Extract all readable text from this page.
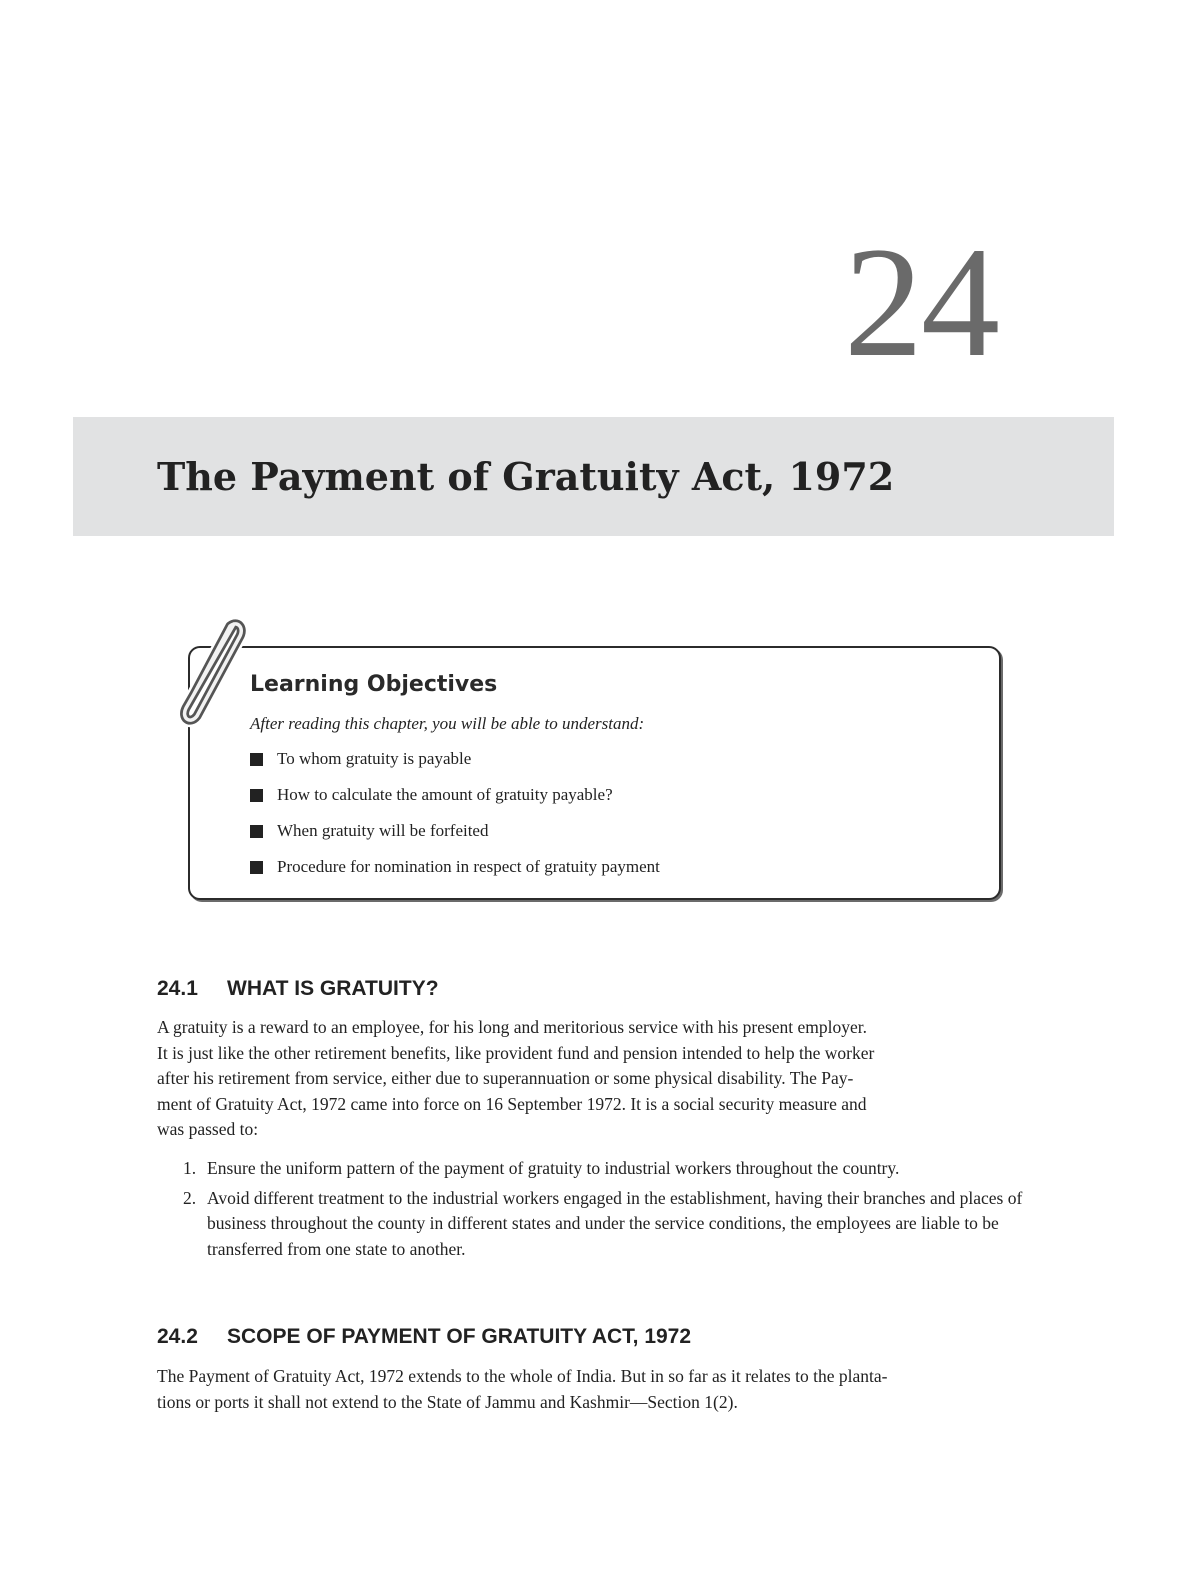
24
The Payment of Gratuity Act, 1972
Learning Objectives

After reading this chapter, you will be able to understand:

To whom gratuity is payable
How to calculate the amount of gratuity payable?
When gratuity will be forfeited
Procedure for nomination in respect of gratuity payment
24.1 WHAT IS GRATUITY?
A gratuity is a reward to an employee, for his long and meritorious service with his present employer.
It is just like the other retirement benefits, like provident fund and pension intended to help the worker
after his retirement from service, either due to superannuation or some physical disability. The Pay-
ment of Gratuity Act, 1972 came into force on 16 September 1972. It is a social security measure and
was passed to:
1. Ensure the uniform pattern of the payment of gratuity to industrial workers throughout the country.
2. Avoid different treatment to the industrial workers engaged in the establishment, having their branches and places of business throughout the county in different states and under the service conditions, the employees are liable to be transferred from one state to another.
24.2 SCOPE OF PAYMENT OF GRATUITY ACT, 1972
The Payment of Gratuity Act, 1972 extends to the whole of India. But in so far as it relates to the planta-
tions or ports it shall not extend to the State of Jammu and Kashmir—Section 1(2).
